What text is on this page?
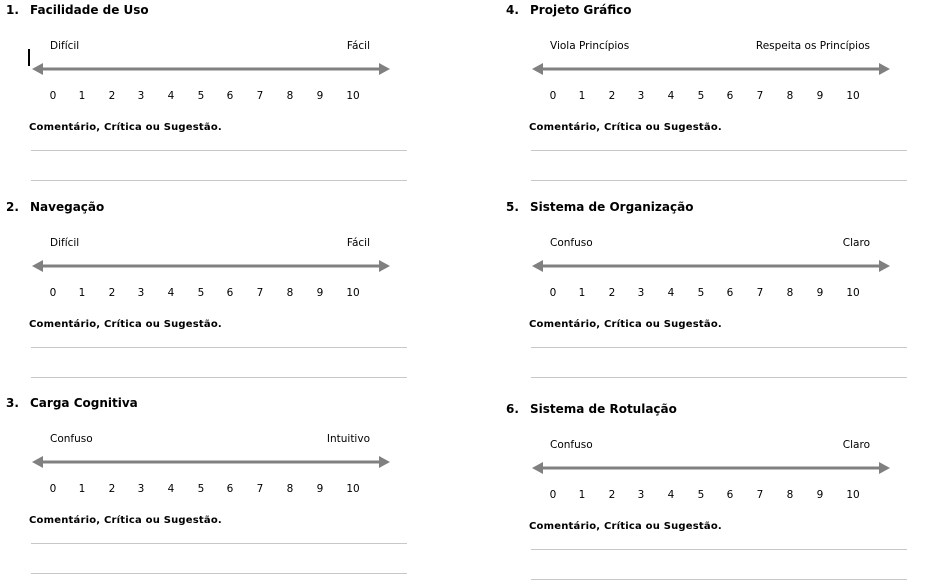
1. Facilidade de Uso
Difícil	Fácil
0	1	2	3	4	5	6	7	8	9	10
Comentário, Crítica ou Sugestão.
2. Navegação
Difícil	Fácil
0	1	2	3	4	5	6	7	8	9	10
Comentário, Crítica ou Sugestão.
3. Carga Cognitiva
Confuso	Intuitivo
0	1	2	3	4	5	6	7	8	9	10
Comentário, Crítica ou Sugestão.
4. Projeto Gráfico
Viola Princípios	Respeita os Princípios
0	1	2	3	4	5	6	7	8	9	10
Comentário, Crítica ou Sugestão.
5. Sistema de Organização
Confuso	Claro
0	1	2	3	4	5	6	7	8	9	10
Comentário, Crítica ou Sugestão.
6. Sistema de Rotulação
Confuso	Claro
0	1	2	3	4	5	6	7	8	9	10
Comentário, Crítica ou Sugestão.
